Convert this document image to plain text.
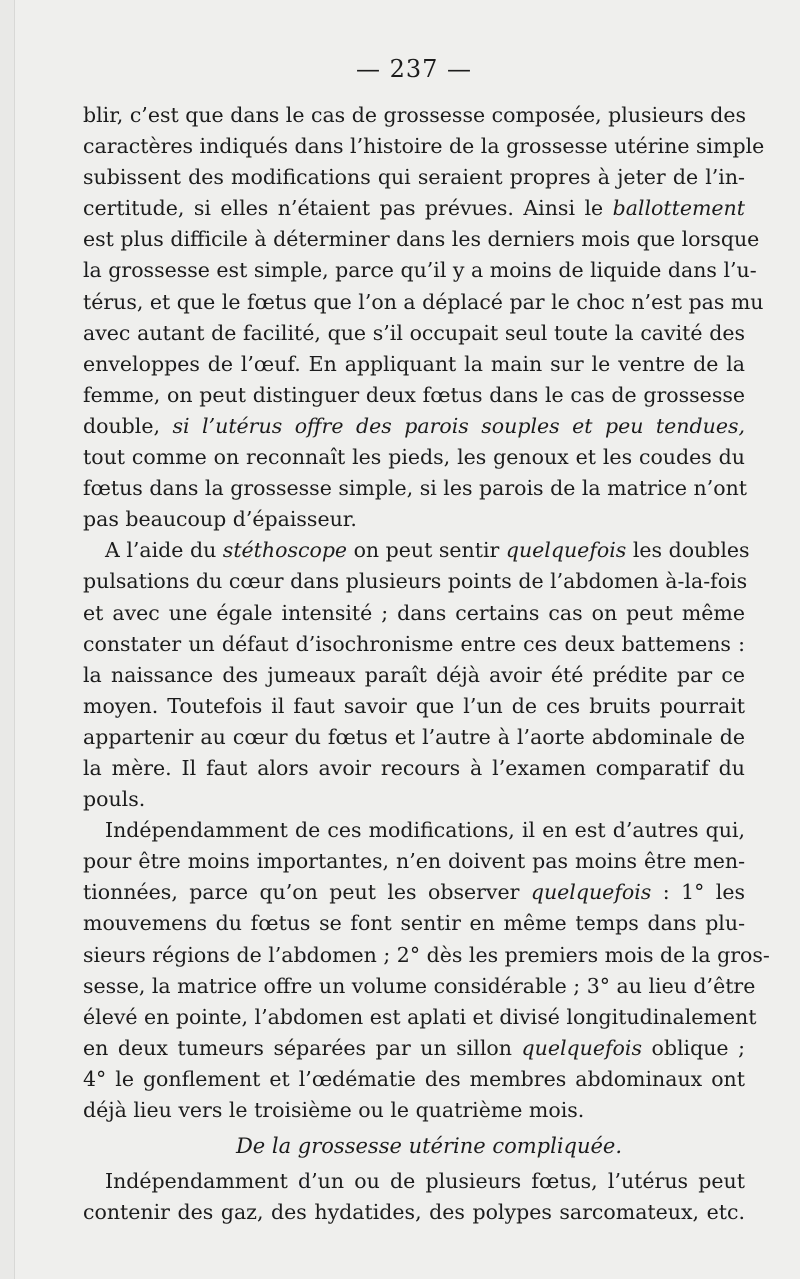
— 237 —
blir, c’est que dans le cas de grossesse composée, plusieurs des
caractères indiqués dans l’histoire de la grossesse utérine simple
subissent des modifications qui seraient propres à jeter de l’in-
certitude, si elles n’étaient pas prévues. Ainsi le ballottement
est plus difficile à déterminer dans les derniers mois que lorsque
la grossesse est simple, parce qu’il y a moins de liquide dans l’u-
térus, et que le fœtus que l’on a déplacé par le choc n’est pas mu
avec autant de facilité, que s’il occupait seul toute la cavité des
enveloppes de l’œuf. En appliquant la main sur le ventre de la
femme, on peut distinguer deux fœtus dans le cas de grossesse
double, si l’utérus offre des parois souples et peu tendues,
tout comme on reconnaît les pieds, les genoux et les coudes du
fœtus dans la grossesse simple, si les parois de la matrice n’ont
pas beaucoup d’épaisseur.
A l’aide du stéthoscope on peut sentir quelquefois les doubles
pulsations du cœur dans plusieurs points de l’abdomen à-la-fois
et avec une égale intensité ; dans certains cas on peut même
constater un défaut d’isochronisme entre ces deux battemens :
la naissance des jumeaux paraît déjà avoir été prédite par ce
moyen. Toutefois il faut savoir que l’un de ces bruits pourrait
appartenir au cœur du fœtus et l’autre à l’aorte abdominale de
la mère. Il faut alors avoir recours à l’examen comparatif du
pouls.
Indépendamment de ces modifications, il en est d’autres qui,
pour être moins importantes, n’en doivent pas moins être men-
tionnées, parce qu’on peut les observer quelquefois : 1° les
mouvemens du fœtus se font sentir en même temps dans plu-
sieurs régions de l’abdomen ; 2° dès les premiers mois de la gros-
sesse, la matrice offre un volume considérable ; 3° au lieu d’être
élevé en pointe, l’abdomen est aplati et divisé longitudinalement
en deux tumeurs séparées par un sillon quelquefois oblique ;
4° le gonflement et l’œdématie des membres abdominaux ont
déjà lieu vers le troisième ou le quatrième mois.
De la grossesse utérine compliquée.
Indépendamment d’un ou de plusieurs fœtus, l’utérus peut
contenir des gaz, des hydatides, des polypes sarcomateux, etc.
